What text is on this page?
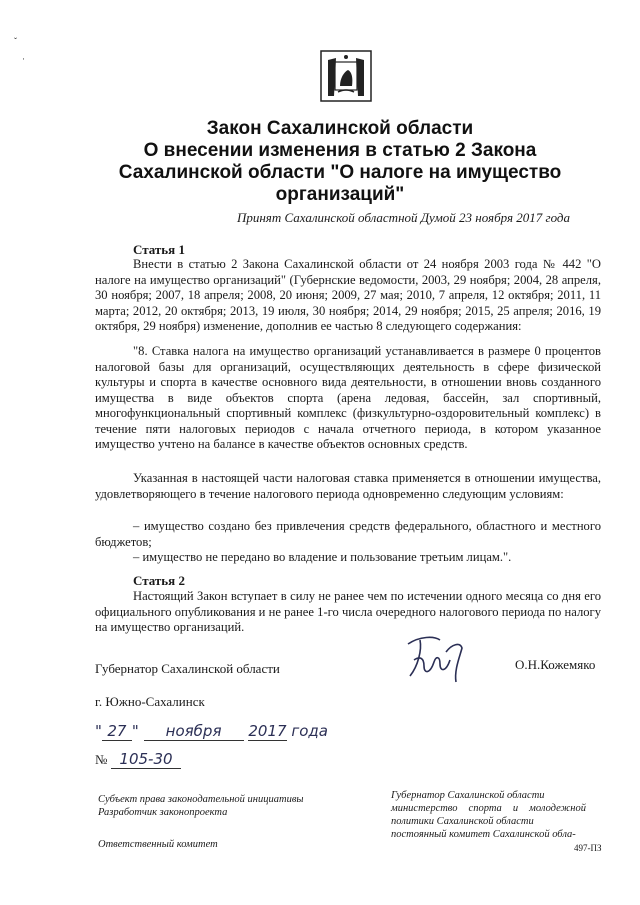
ˇ
·
Закон Сахалинской области
О внесении изменения в статью 2 Закона
Сахалинской области "О налоге на имущество
организаций"
Принят Сахалинской областной Думой 23 ноября 2017 года
Статья 1

Внести в статью 2 Закона Сахалинской области от 24 ноября 2003 года № 442 "О налоге на имущество организаций" (Губернские ведомости, 2003, 29 ноября; 2004, 28 апреля, 30 ноября; 2007, 18 апреля; 2008, 20 июня; 2009, 27 мая; 2010, 7 апреля, 12 октября; 2011, 11 марта; 2012, 20 октября; 2013, 19 июля, 30 ноября; 2014, 29 ноября; 2015, 25 апреля; 2016, 19 октября, 29 ноября) изменение, дополнив ее частью 8 следующего содержания:

"8. Ставка налога на имущество организаций устанавливается в размере 0 процентов налоговой базы для организаций, осуществляющих деятельность в сфере физической культуры и спорта в качестве основного вида деятельности, в отношении вновь созданного имущества в виде объектов спорта (арена ледовая, бассейн, зал спортивный, многофункциональный спортивный комплекс (физкультурно-оздоровительный комплекс) в течение пяти налоговых периодов с начала отчетного периода, в котором указанное имущество учтено на балансе в качестве объектов основных средств.

Указанная в настоящей части налоговая ставка применяется в отношении имущества, удовлетворяющего в течение налогового периода одновременно следующим условиям:

– имущество создано без привлечения средств федерального, областного и местного бюджетов;
– имущество не передано во владение и пользование третьим лицам.".
Статья 2

Настоящий Закон вступает в силу не ранее чем по истечении одного месяца со дня его официального опубликования и не ранее 1-го числа очередного налогового периода по налогу на имущество организаций.

Губернатор Сахалинской области	О.Н.Кожемяко
г. Южно-Сахалинск
" 27 " ноября 2017 года
№ 105-30
Субъект права законодательной инициативы
Разработчик законопроекта
Ответственный комитет
Губернатор Сахалинской области
министерство спорта и молодежной
политики Сахалинской области
постоянный комитет Сахалинской обла-
497-ПЗ
